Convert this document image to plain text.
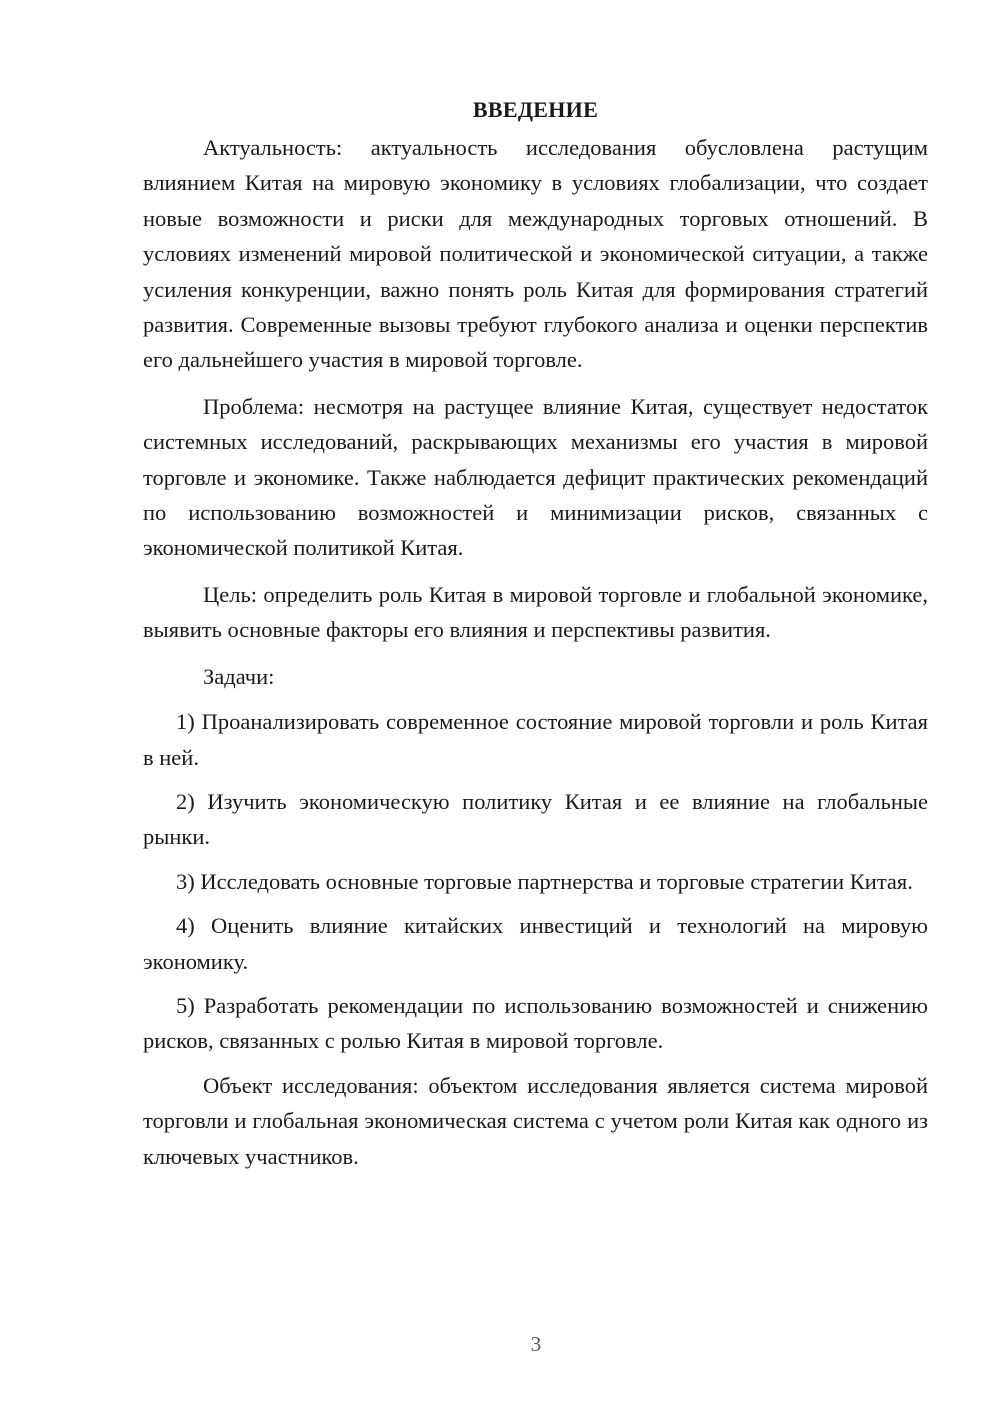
ВВЕДЕНИЕ

Актуальность: актуальность исследования обусловлена растущим влиянием Китая на мировую экономику в условиях глобализации, что создает новые возможности и риски для международных торговых отношений. В условиях изменений мировой политической и экономической ситуации, а также усиления конкуренции, важно понять роль Китая для формирования стратегий развития. Современные вызовы требуют глубокого анализа и оценки перспектив его дальнейшего участия в мировой торговле.

Проблема: несмотря на растущее влияние Китая, существует недостаток системных исследований, раскрывающих механизмы его участия в мировой торговле и экономике. Также наблюдается дефицит практических рекомендаций по использованию возможностей и минимизации рисков, связанных с экономической политикой Китая.

Цель: определить роль Китая в мировой торговле и глобальной экономике, выявить основные факторы его влияния и перспективы развития.

Задачи:

1) Проанализировать современное состояние мировой торговли и роль Китая в ней.

2) Изучить экономическую политику Китая и ее влияние на глобальные рынки.

3) Исследовать основные торговые партнерства и торговые стратегии Китая.

4) Оценить влияние китайских инвестиций и технологий на мировую экономику.

5) Разработать рекомендации по использованию возможностей и снижению рисков, связанных с ролью Китая в мировой торговле.

Объект исследования: объектом исследования является система мировой торговли и глобальная экономическая система с учетом роли Китая как одного из ключевых участников.

3
